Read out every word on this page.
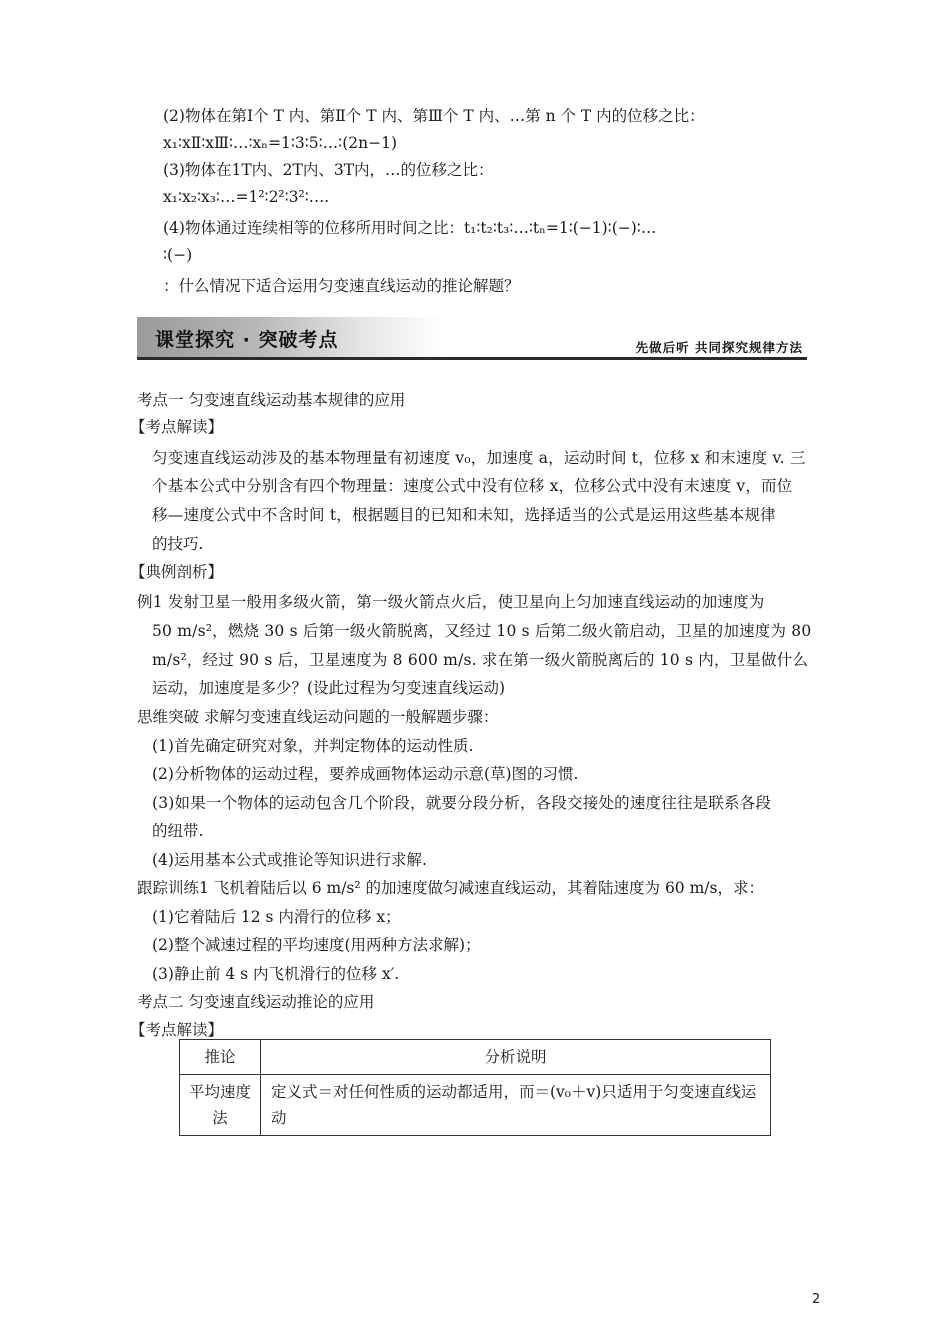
(2)物体在第Ⅰ个 T 内、第Ⅱ个 T 内、第Ⅲ个 T 内、…第 n 个 T 内的位移之比：
x₁∶xⅡ∶xⅢ∶…∶xₙ=1∶3∶5∶…∶(2n−1)
(3)物体在1T内、2T内、3T内，…的位移之比：
x₁∶x₂∶x₃∶…=1²∶2²∶3²∶….
(4)物体通过连续相等的位移所用时间之比：t₁∶t₂∶t₃∶…∶tₙ=1∶(−1)∶(−)∶…
∶(−)
：什么情况下适合运用匀变速直线运动的推论解题？
课堂探究 · 突破考点	先做后听 共同探究规律方法
考点一 匀变速直线运动基本规律的应用
【考点解读】
匀变速直线运动涉及的基本物理量有初速度 v₀，加速度 a，运动时间 t，位移 x 和末速度 v. 三
个基本公式中分别含有四个物理量：速度公式中没有位移 x，位移公式中没有末速度 v，而位
移—速度公式中不含时间 t，根据题目的已知和未知，选择适当的公式是运用这些基本规律
的技巧.
【典例剖析】
例1 发射卫星一般用多级火箭，第一级火箭点火后，使卫星向上匀加速直线运动的加速度为
50 m/s²，燃烧 30 s 后第一级火箭脱离，又经过 10 s 后第二级火箭启动，卫星的加速度为 80
m/s²，经过 90 s 后，卫星速度为 8 600 m/s. 求在第一级火箭脱离后的 10 s 内，卫星做什么
运动，加速度是多少？(设此过程为匀变速直线运动)
思维突破 求解匀变速直线运动问题的一般解题步骤：
(1)首先确定研究对象，并判定物体的运动性质.
(2)分析物体的运动过程，要养成画物体运动示意(草)图的习惯.
(3)如果一个物体的运动包含几个阶段，就要分段分析，各段交接处的速度往往是联系各段
的纽带.
(4)运用基本公式或推论等知识进行求解.
跟踪训练1 飞机着陆后以 6 m/s² 的加速度做匀减速直线运动，其着陆速度为 60 m/s，求：
(1)它着陆后 12 s 内滑行的位移 x；
(2)整个减速过程的平均速度(用两种方法求解)；
(3)静止前 4 s 内飞机滑行的位移 x′.
考点二 匀变速直线运动推论的应用
【考点解读】
推论	分析说明
平均速度法	定义式＝对任何性质的运动都适用，而＝(v₀＋v)只适用于匀变速直线运动
2
